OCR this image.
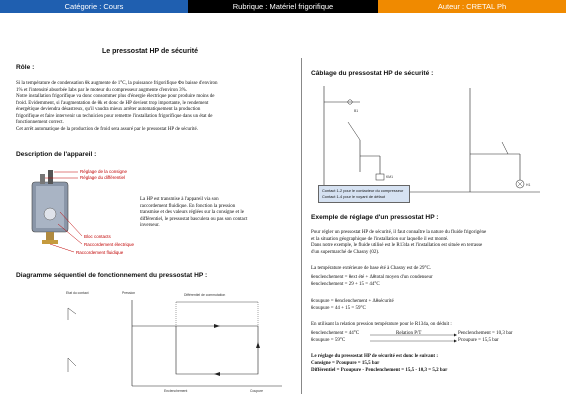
Catégorie : Cours	Rubrique : Matériel frigorifique	Auteur : CRETAL Ph
Le pressostat HP de sécurité
Rôle :
Si la température de condensation θk augmente de 1°C, la puissance frigorifique Φo baisse d'environ
1% et l'intensité absorbée Iabs par le moteur du compresseur augmente d'environ 3%.
Notre installation frigorifique va donc consommer plus d'énergie électrique pour produire moins de
froid. Evidemment, si l'augmentation de θk et donc de HP devient trop importante, le rendement
énergétique deviendra désastreux, qu'il vaudra mieux arrêter automatiquement la production
frigorifique et faire intervenir un technicien pour remettre l'installation frigorifique dans un état de
fonctionnement correct.
Cet arrêt automatique de la production de froid sera assuré par le pressostat HP de sécurité.
Description de l'appareil :
Réglage de la consigne
Réglage du différentiel
Bloc contacts
Raccordement électrique
Raccordement fluidique
La HP est transmise à l'appareil via son
raccordement fluidique. En fonction la pression
transmise et des valeurs réglées sur la consigne et le
différentiel, le pressostat basculera ou pas son contact
inverseur.
Diagramme séquentiel de fonctionnement du pressostat HP :
Etat du contact	Pression	Différentiel de commutation
Enclenchement	Coupure
Câblage du pressostat HP de sécurité :
B1
KM1
H1
Contact 1-2 pour le contacteur du compresseur
Contact 1-4 pour le voyant de défaut
Exemple de réglage d'un pressostat HP :
Pour régler un pressostat HP de sécurité, il faut connaître la nature du fluide frigorigène
et la situation géographique de l'installation sur laquelle il est monté.
Dans notre exemple, le fluide utilisé est le R134a et l'installation est située en terrasse
d'un supermarché de Chasny (02).
La température extérieure de base été à Chasny est de 29°C.
θenclenchement = θext été + Δθtotal moyen d'un condenseur
θenclenchement = 29 + 15 = 44°C
θcoupure = θenclenchement + Δθsécurité
θcoupure = 44 + 15 = 59°C
En utilisant la relation pression température pour le R134a, on déduit :
θenclenchement = 44°C	Relation P/T	Penclenchement = 10,3 bar
θcoupure = 59°C	Pcoupure = 15,5 bar
Le réglage du pressostat HP de sécurité est donc le suivant :
Consigne = Pcoupure = 15,5 bar
Différentiel = Pcoupure - Penclenchement = 15,5 - 10,3 = 5,2 bar
